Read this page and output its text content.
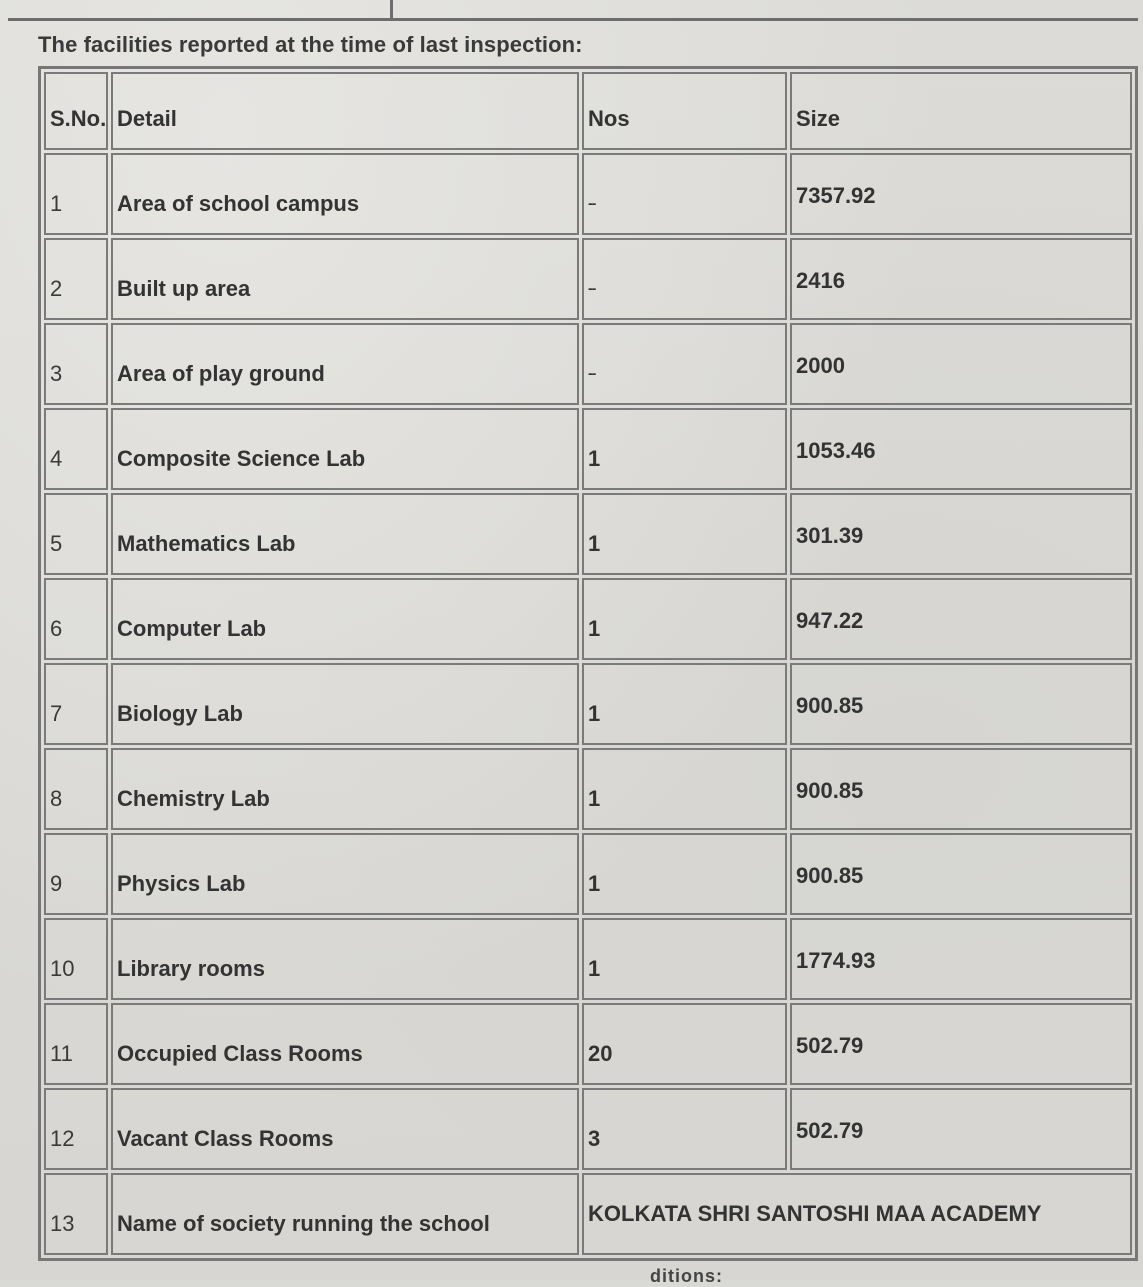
The facilities reported at the time of last inspection:
S.No.	Detail	Nos	Size

1	Area of school campus	--	7357.92

2	Built up area	--	2416

3	Area of play ground	--	2000

4	Composite Science Lab	1	1053.46

5	Mathematics Lab	1	301.39

6	Computer Lab	1	947.22

7	Biology Lab	1	900.85

8	Chemistry Lab	1	900.85

9	Physics Lab	1	900.85

10	Library rooms	1	1774.93

11	Occupied Class Rooms	20	502.79

12	Vacant Class Rooms	3	502.79

13	Name of society running the school	KOLKATA SHRI SANTOSHI MAA ACADEMY	
ditions:
